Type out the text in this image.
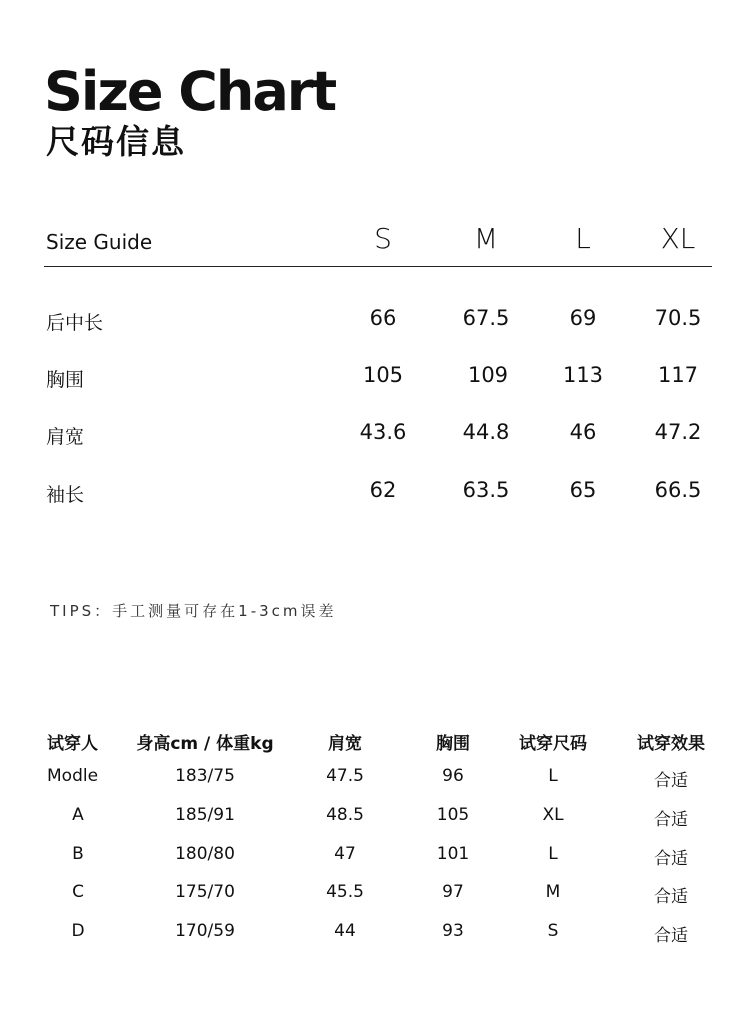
Size Chart
尺码信息
Size Guide	S	M	L	XL
后中长	66	67.5	69	70.5
胸围	105	109	113	117
肩宽	43.6	44.8	46	47.2
袖长	62	63.5	65	66.5
TIPS：手工测量可存在1-3cm误差
试穿人	身高cm / 体重kg	肩宽	胸围	试穿尺码	试穿效果
Modle	183/75	47.5	96	L	合适
A	185/91	48.5	105	XL	合适
B	180/80	47	101	L	合适
C	175/70	45.5	97	M	合适
D	170/59	44	93	S	合适
